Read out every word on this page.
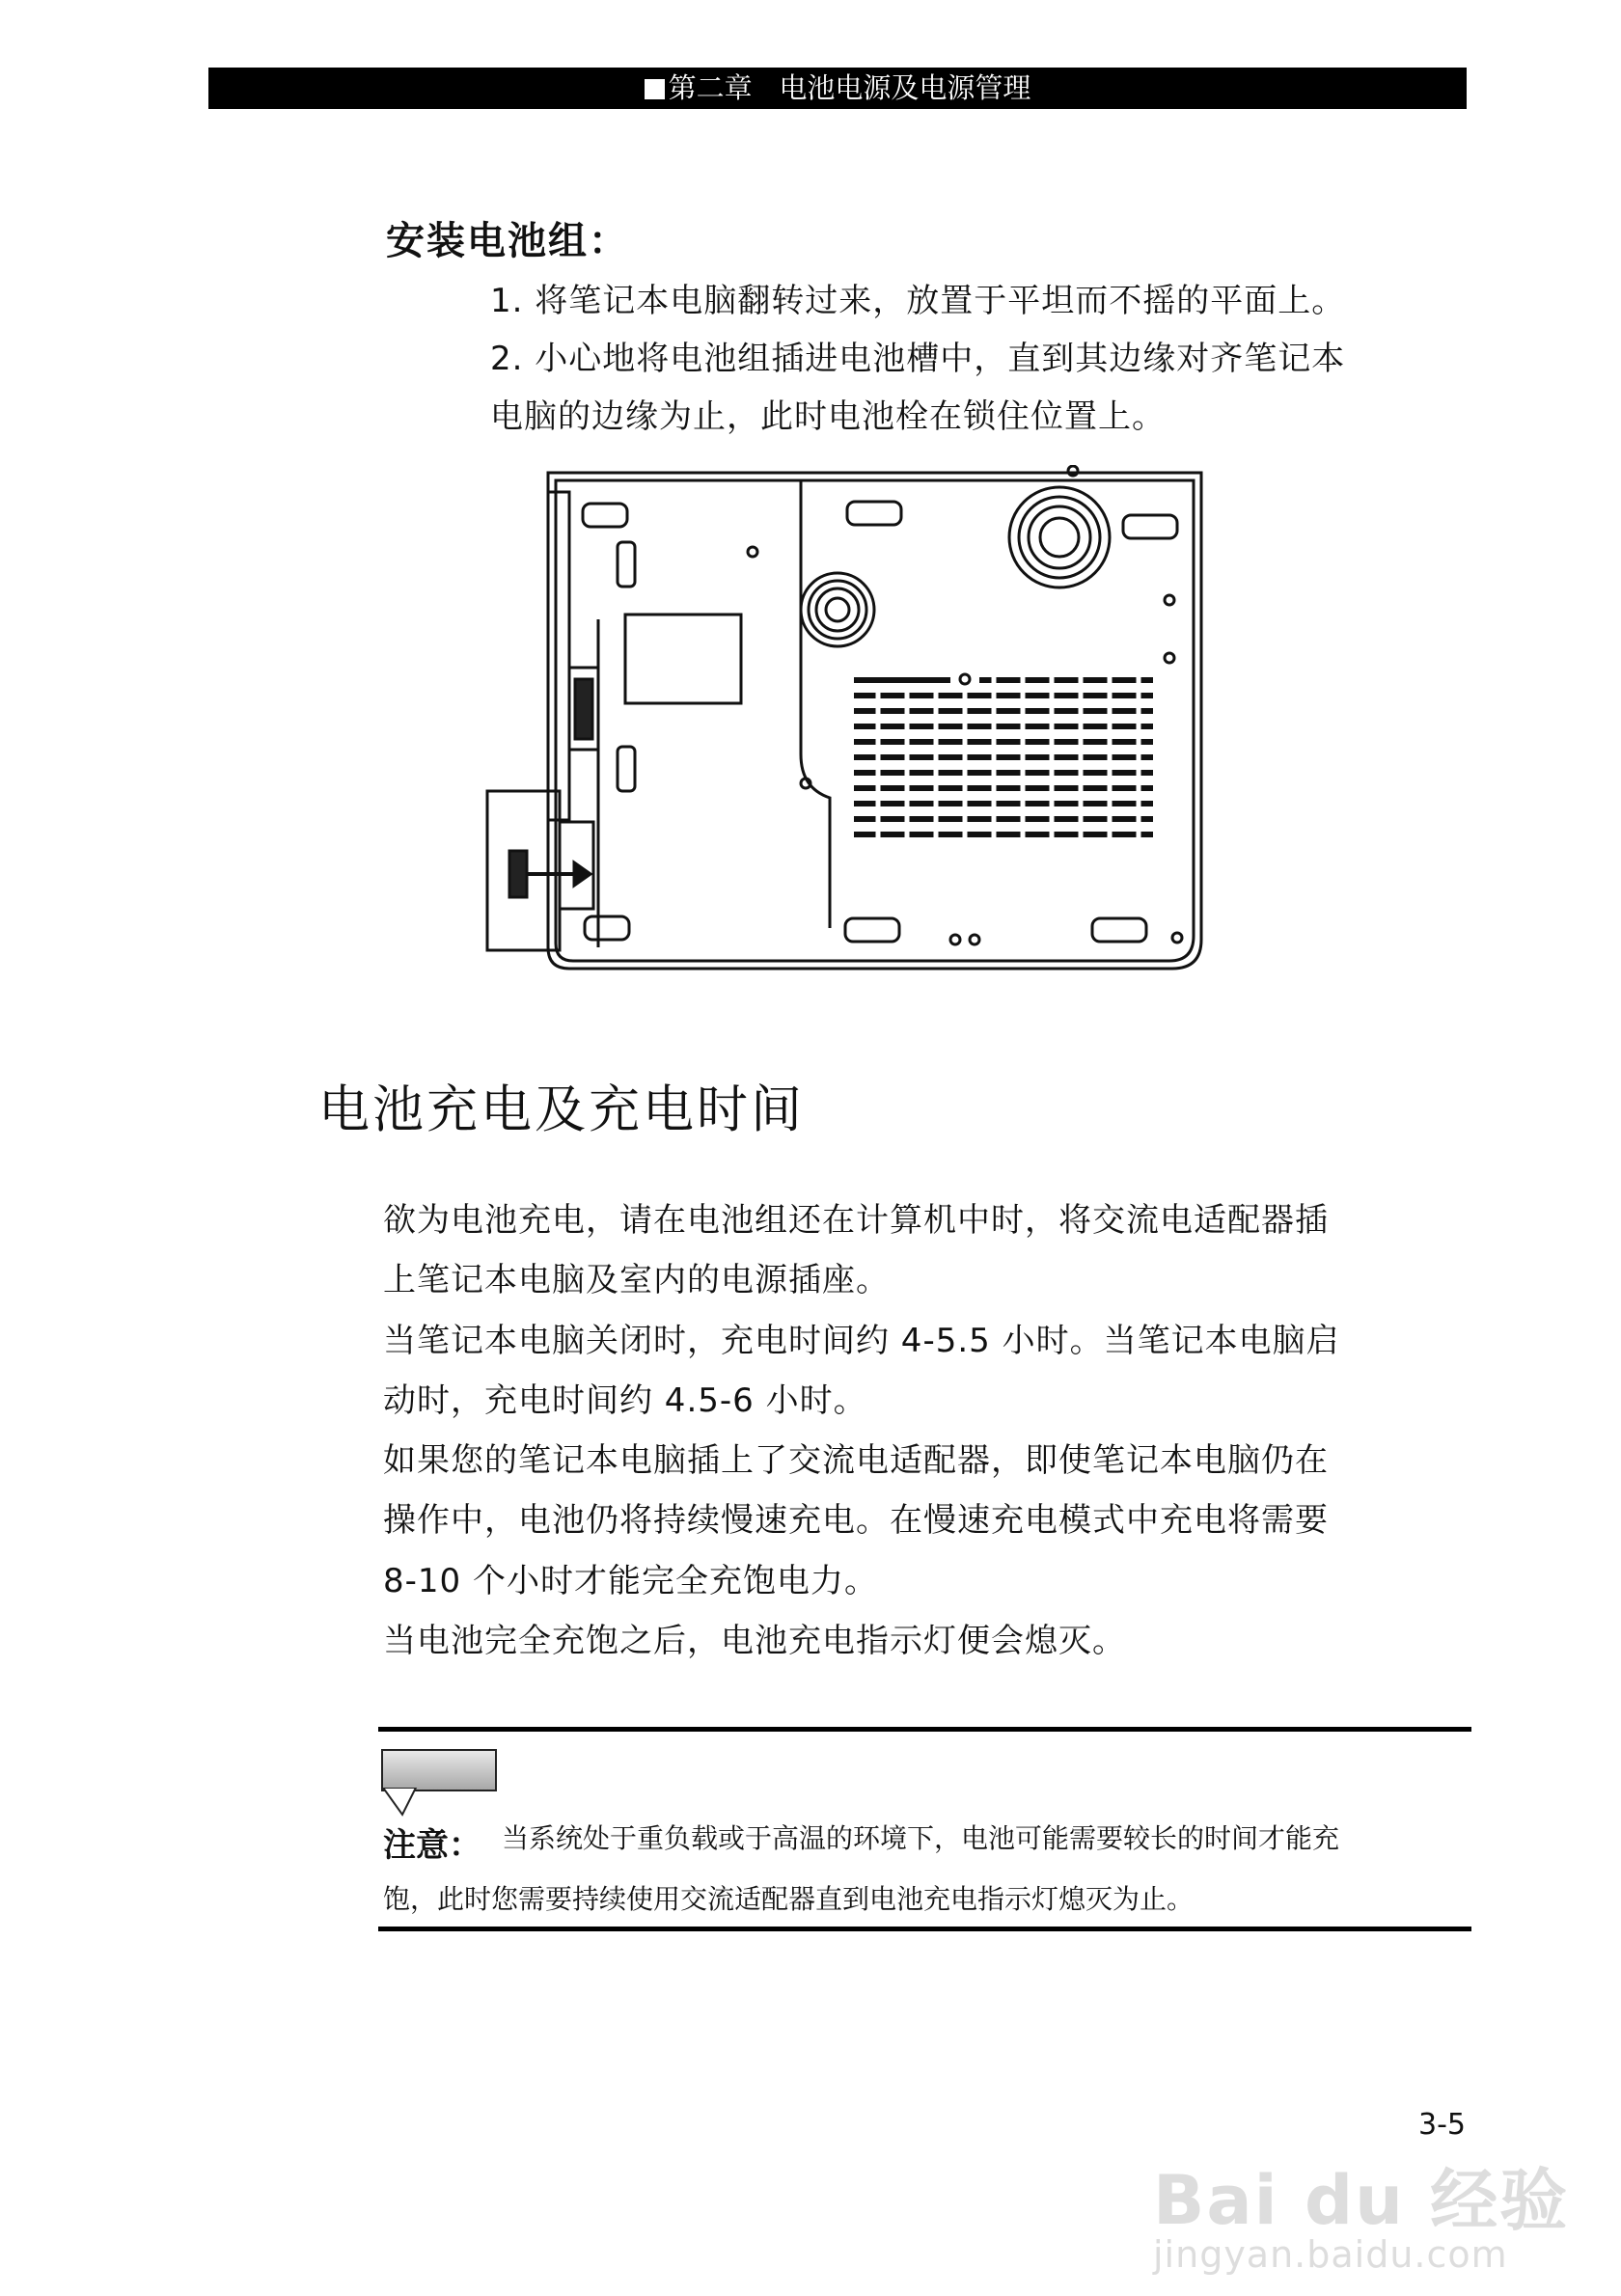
第二章 电池电源及电源管理
安装电池组：
1. 将笔记本电脑翻转过来，放置于平坦而不摇的平面上。
2. 小心地将电池组插进电池槽中，直到其边缘对齐笔记本
电脑的边缘为止，此时电池栓在锁住位置上。
电池充电及充电时间
欲为电池充电，请在电池组还在计算机中时，将交流电适配器插
上笔记本电脑及室内的电源插座。
当笔记本电脑关闭时，充电时间约 4-5.5 小时。当笔记本电脑启
动时，充电时间约 4.5-6 小时。
如果您的笔记本电脑插上了交流电适配器，即使笔记本电脑仍在
操作中，电池仍将持续慢速充电。在慢速充电模式中充电将需要
8-10 个小时才能完全充饱电力。
当电池完全充饱之后，电池充电指示灯便会熄灭。
注意： 当系统处于重负载或于高温的环境下，电池可能需要较长的时间才能充
饱，此时您需要持续使用交流适配器直到电池充电指示灯熄灭为止。
3-5
Bai du 经验
jingyan.baidu.com
